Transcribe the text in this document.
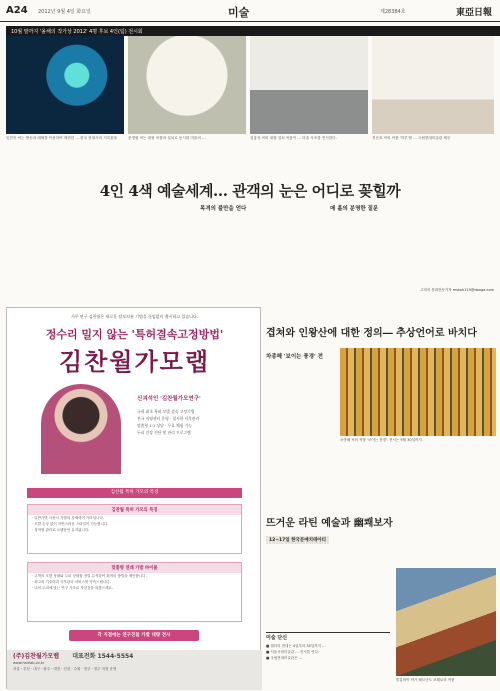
A24 2012년 9월 4일 화요일	미술	제28384호	東亞日報
10월 말까지 '올해의 작가상 2012' 4명 후보 4인(팀) 전시회
임민욱 씨는 방송과 매체를 이용하여 재현한 … 한국 현대사의 기록물을	문경원 씨는 대형 작품과 설치로 동시대 미술의 …	김홍석 씨의 대형 설치 작품이 … 미술 사조를 전시한다.	전준호 씨의 작품 '하루'를 … 국립현대미술관 제공
4인 4색 예술세계… 관객의 눈은 어디로 꽂힐까

목격의 불만을 얻다	매 홀의 분명한 질문

고미석 문화전문기자 mskoh119@donga.com
거꾸 연구 김찬월은 새로운 탈모치유 기법을 끊임없이 출시하고 있습니다.
정수리 밀지 않는 '특허결속고정방법'
김찬월가모랩
신괴석인 '김찬월가모연구'
국내 최초 특허 모발 결속 고정기법
전국 직영센터 운영 · 철저한 사후관리
맞춤형 1:1 상담 · 무료 체험 가능
두피 건강 진단 및 관리 프로그램
김찬월 특허 가모의 특징
김찬월 특허 가모의 특징
· 일반가발 사용시 가발의 강제력이 가라입니다.
· 모발 손상 없이 자연스러운 스타일이 가능합니다.
· 정착형 관리로 오랫동안 유지됩니다.
맞춤형 연쇄 가발 바이블
· 고객의 모발 상태와 두피 상태를 정밀 분석하여 최적의 방법을 제안합니다.
· 최고의 기술력과 사후관리 서비스를 약속드립니다.
· 나의 두피에 맞는 연구 가모로 자신감을 되찾으세요.
각 지점에는 연구진들 가발 대량 전시
(주)김찬월가모랩 대표전화 1544-5554
www.hairlab.co.kr
서울 · 부산 · 대구 · 광주 · 대전 · 인천 · 수원 · 전주 · 청주 지점 운영
겹쳐와 인왕산에 대한 정의― 추상언어로 바치다
차종혜 '보이는 풍경' 전
차종혜 씨의 작품 '보이는 풍경'. 전시는 9월 30일까지.
뜨거운 라틴 예술과 幽쾌보자
12~17일 한국문예치테아티
콜롬비아 작가 페르난도 보테로의 작품
미술 단신
■ 갤러리 현대는 4일부터 30일까지 …
■ 서울시립미술관 … 전시를 연다.
■ 국립현대미술관은 …
